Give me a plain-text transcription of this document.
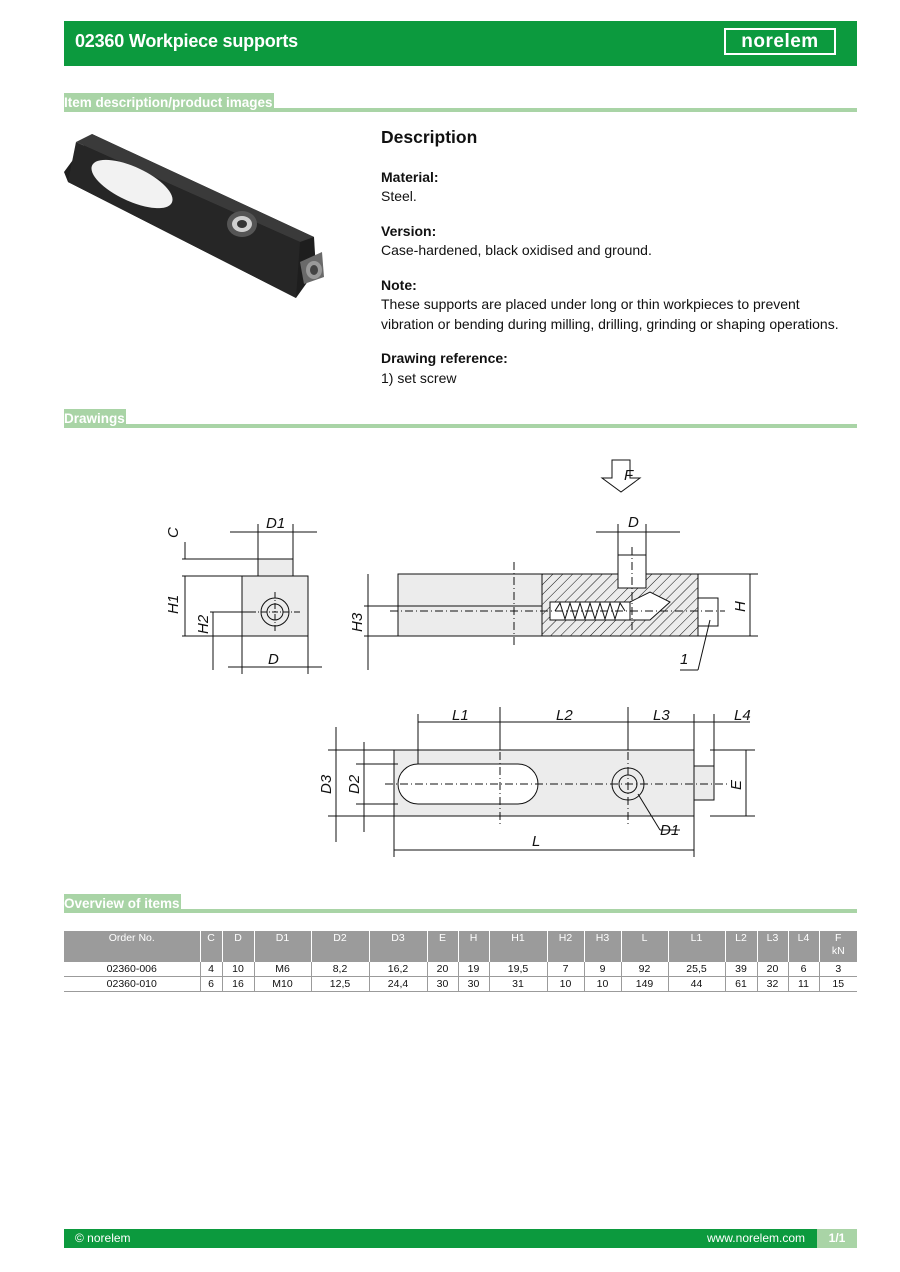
02360 Workpiece supports	norelem
Item description/product images
Description
Material:
Steel.
Version:
Case-hardened, black oxidised and ground.
Note:
These supports are placed under long or thin workpieces to prevent vibration or bending during milling, drilling, grinding or shaping operations.
Drawing reference:
1) set screw
Drawings
F
D
D1
C
H1
H2
D
H3
H
1
L1	L2	L3	L4
D3 D2	E
D1
L
Overview of items
Order No.	C	D	D1	D2	D3	E	H	H1	H2	H3	L	L1	L2	L3	L4	F
kN

02360-006	4	10	M6	8,2	16,2	20	19	19,5	7	9	92	25,5	39	20	6	3
02360-010	6	16	M10	12,5	24,4	30	30	31	10	10	149	44	61	32	11	15
© norelem	www.norelem.com	1/1
